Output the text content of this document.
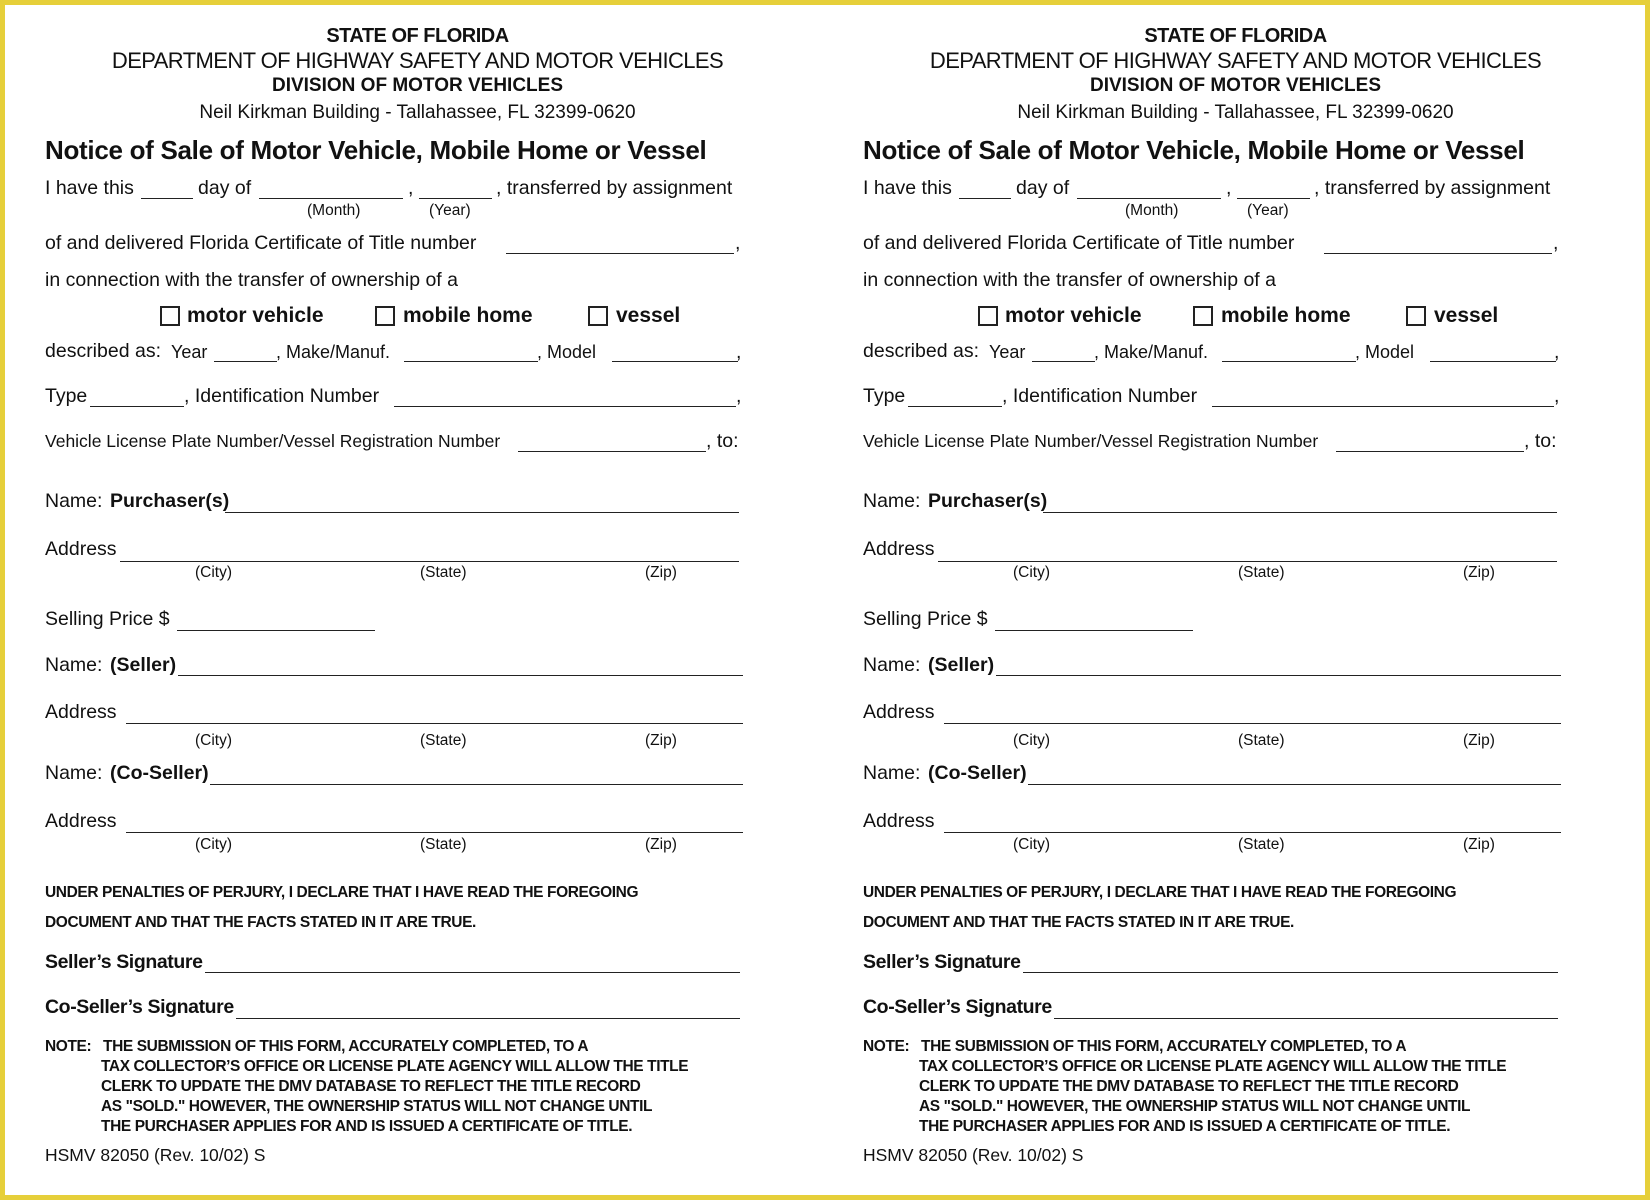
STATE OF FLORIDA
DEPARTMENT OF HIGHWAY SAFETY AND MOTOR VEHICLES
DIVISION OF MOTOR VEHICLES
Neil Kirkman Building - Tallahassee, FL 32399-0620
Notice of Sale of Motor Vehicle, Mobile Home or Vessel
I have this	day of	,	, transferred by assignment
(Month)	(Year)
of and delivered Florida Certificate of Title number	,
in connection with the transfer of ownership of a
motor vehicle	mobile home	vessel
described as: Year	, Make/Manuf.	, Model	,
Type	, Identification Number	,
Vehicle License Plate Number/Vessel Registration Number	, to:
Name: Purchaser(s)
Address
(City)	(State)	(Zip)
Selling Price $
Name: (Seller)
Address
(City)	(State)	(Zip)
Name: (Co-Seller)
Address
(City)	(State)	(Zip)
UNDER PENALTIES OF PERJURY, I DECLARE THAT I HAVE READ THE FOREGOING
DOCUMENT AND THAT THE FACTS STATED IN IT ARE TRUE.
Seller’s Signature
Co-Seller’s Signature
NOTE: THE SUBMISSION OF THIS FORM, ACCURATELY COMPLETED, TO A
TAX COLLECTOR’S OFFICE OR LICENSE PLATE AGENCY WILL ALLOW THE TITLE
CLERK TO UPDATE THE DMV DATABASE TO REFLECT THE TITLE RECORD
AS "SOLD." HOWEVER, THE OWNERSHIP STATUS WILL NOT CHANGE UNTIL
THE PURCHASER APPLIES FOR AND IS ISSUED A CERTIFICATE OF TITLE.
HSMV 82050 (Rev. 10/02) S
STATE OF FLORIDA
DEPARTMENT OF HIGHWAY SAFETY AND MOTOR VEHICLES
DIVISION OF MOTOR VEHICLES
Neil Kirkman Building - Tallahassee, FL 32399-0620
Notice of Sale of Motor Vehicle, Mobile Home or Vessel
I have this	day of	,	, transferred by assignment
(Month)	(Year)
of and delivered Florida Certificate of Title number	,
in connection with the transfer of ownership of a
motor vehicle	mobile home	vessel
described as: Year	, Make/Manuf.	, Model	,
Type	, Identification Number	,
Vehicle License Plate Number/Vessel Registration Number	, to:
Name: Purchaser(s)
Address
(City)	(State)	(Zip)
Selling Price $
Name: (Seller)
Address
(City)	(State)	(Zip)
Name: (Co-Seller)
Address
(City)	(State)	(Zip)
UNDER PENALTIES OF PERJURY, I DECLARE THAT I HAVE READ THE FOREGOING
DOCUMENT AND THAT THE FACTS STATED IN IT ARE TRUE.
Seller’s Signature
Co-Seller’s Signature
NOTE: THE SUBMISSION OF THIS FORM, ACCURATELY COMPLETED, TO A
TAX COLLECTOR’S OFFICE OR LICENSE PLATE AGENCY WILL ALLOW THE TITLE
CLERK TO UPDATE THE DMV DATABASE TO REFLECT THE TITLE RECORD
AS "SOLD." HOWEVER, THE OWNERSHIP STATUS WILL NOT CHANGE UNTIL
THE PURCHASER APPLIES FOR AND IS ISSUED A CERTIFICATE OF TITLE.
HSMV 82050 (Rev. 10/02) S
